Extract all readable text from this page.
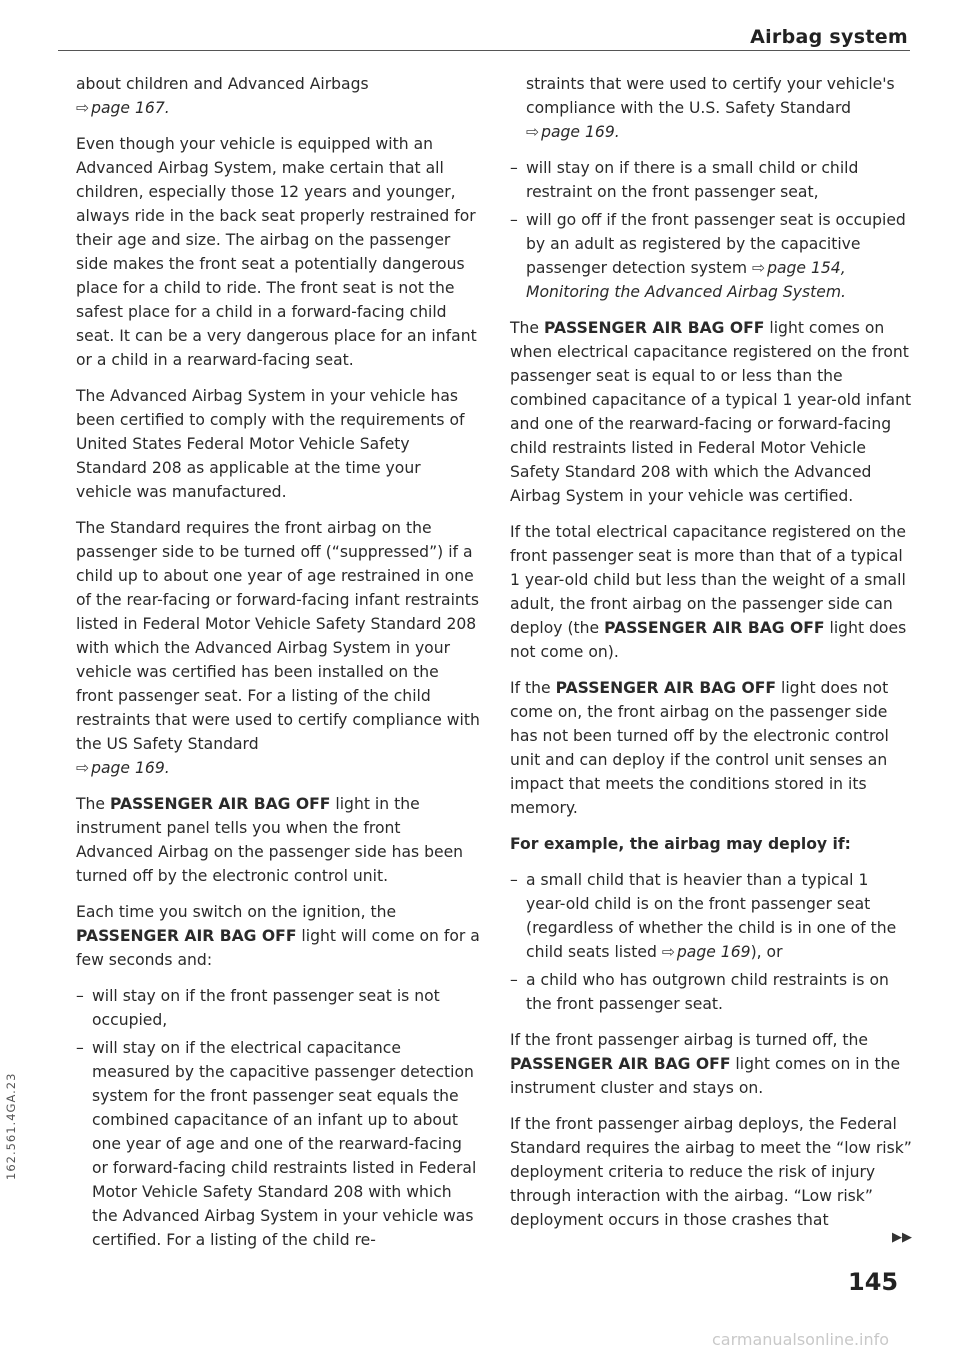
Airbag system

about children and Advanced Airbags
⇨ page 167.

Even though your vehicle is equipped with an Advanced Airbag System, make certain that all children, especially those 12 years and younger, always ride in the back seat properly restrained for their age and size. The airbag on the passenger side makes the front seat a potentially dangerous place for a child to ride. The front seat is not the safest place for a child in a forward-facing child seat. It can be a very dangerous place for an infant or a child in a rearward-facing seat.

The Advanced Airbag System in your vehicle has been certified to comply with the requirements of United States Federal Motor Vehicle Safety Standard 208 as applicable at the time your vehicle was manufactured.

The Standard requires the front airbag on the passenger side to be turned off (“suppressed”) if a child up to about one year of age restrained in one of the rear-facing or forward-facing infant restraints listed in Federal Motor Vehicle Safety Standard 208 with which the Advanced Airbag System in your vehicle was certified has been installed on the front passenger seat. For a listing of the child restraints that were used to certify compliance with the US Safety Standard
⇨ page 169.

The PASSENGER AIR BAG OFF light in the instrument panel tells you when the front Advanced Airbag on the passenger side has been turned off by the electronic control unit.

Each time you switch on the ignition, the PASSENGER AIR BAG OFF light will come on for a few seconds and:

– will stay on if the front passenger seat is not occupied,
– will stay on if the electrical capacitance measured by the capacitive passenger detection system for the front passenger seat equals the combined capacitance of an infant up to about one year of age and one of the rearward-facing or forward-facing child restraints listed in Federal Motor Vehicle Safety Standard 208 with which the Advanced Airbag System in your vehicle was certified. For a listing of the child re-

straints that were used to certify your vehicle's compliance with the U.S. Safety Standard
⇨ page 169.

– will stay on if there is a small child or child restraint on the front passenger seat,
– will go off if the front passenger seat is occupied by an adult as registered by the capacitive passenger detection system ⇨ page 154, Monitoring the Advanced Airbag System.

The PASSENGER AIR BAG OFF light comes on when electrical capacitance registered on the front passenger seat is equal to or less than the combined capacitance of a typical 1 year-old infant and one of the rearward-facing or forward-facing child restraints listed in Federal Motor Vehicle Safety Standard 208 with which the Advanced Airbag System in your vehicle was certified.

If the total electrical capacitance registered on the front passenger seat is more than that of a typical 1 year-old child but less than the weight of a small adult, the front airbag on the passenger side can deploy (the PASSENGER AIR BAG OFF light does not come on).

If the PASSENGER AIR BAG OFF light does not come on, the front airbag on the passenger side has not been turned off by the electronic control unit and can deploy if the control unit senses an impact that meets the conditions stored in its memory.

For example, the airbag may deploy if:

– a small child that is heavier than a typical 1 year-old child is on the front passenger seat (regardless of whether the child is in one of the child seats listed ⇨ page 169), or
– a child who has outgrown child restraints is on the front passenger seat.

If the front passenger airbag is turned off, the PASSENGER AIR BAG OFF light comes on in the instrument cluster and stays on.

If the front passenger airbag deploys, the Federal Standard requires the airbag to meet the “low risk” deployment criteria to reduce the risk of injury through interaction with the airbag. “Low risk” deployment occurs in those crashes that

▶▶
145
162.561.4GA.23
carmanualsonline.info
